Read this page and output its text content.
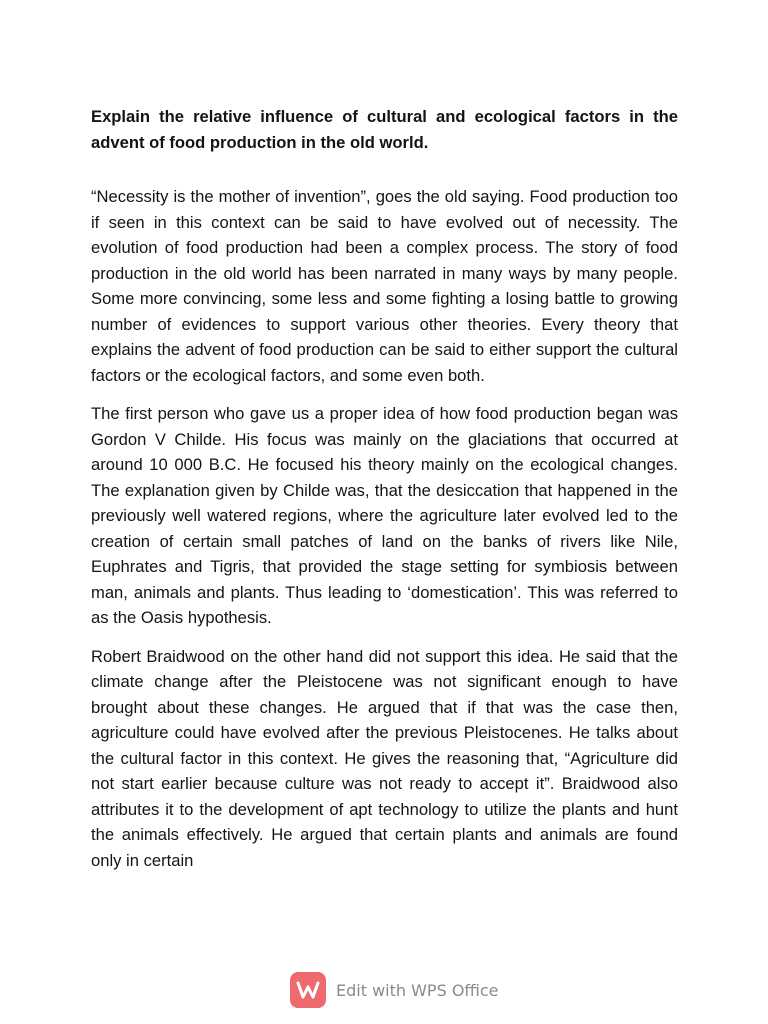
Explain the relative influence of cultural and ecological factors in the advent of food production in the old world.

“Necessity is the mother of invention”, goes the old saying. Food production too if seen in this context can be said to have evolved out of necessity. The evolution of food production had been a complex process. The story of food production in the old world has been narrated in many ways by many people. Some more convincing, some less and some fighting a losing battle to growing number of evidences to support various other theories. Every theory that explains the advent of food production can be said to either support the cultural factors or the ecological factors, and some even both.

The first person who gave us a proper idea of how food production began was Gordon V Childe. His focus was mainly on the glaciations that occurred at around 10 000 B.C. He focused his theory mainly on the ecological changes. The explanation given by Childe was, that the desiccation that happened in the previously well watered regions, where the agriculture later evolved led to the creation of certain small patches of land on the banks of rivers like Nile, Euphrates and Tigris, that provided the stage setting for symbiosis between man, animals and plants. Thus leading to ‘domestication’. This was referred to as the Oasis hypothesis.

Robert Braidwood on the other hand did not support this idea. He said that the climate change after the Pleistocene was not significant enough to have brought about these changes. He argued that if that was the case then, agriculture could have evolved after the previous Pleistocenes. He talks about the cultural factor in this context. He gives the reasoning that, “Agriculture did not start earlier because culture was not ready to accept it”. Braidwood also attributes it to the development of apt technology to utilize the plants and hunt the animals effectively. He argued that certain plants and animals are found only in certain

Edit with WPS Office
